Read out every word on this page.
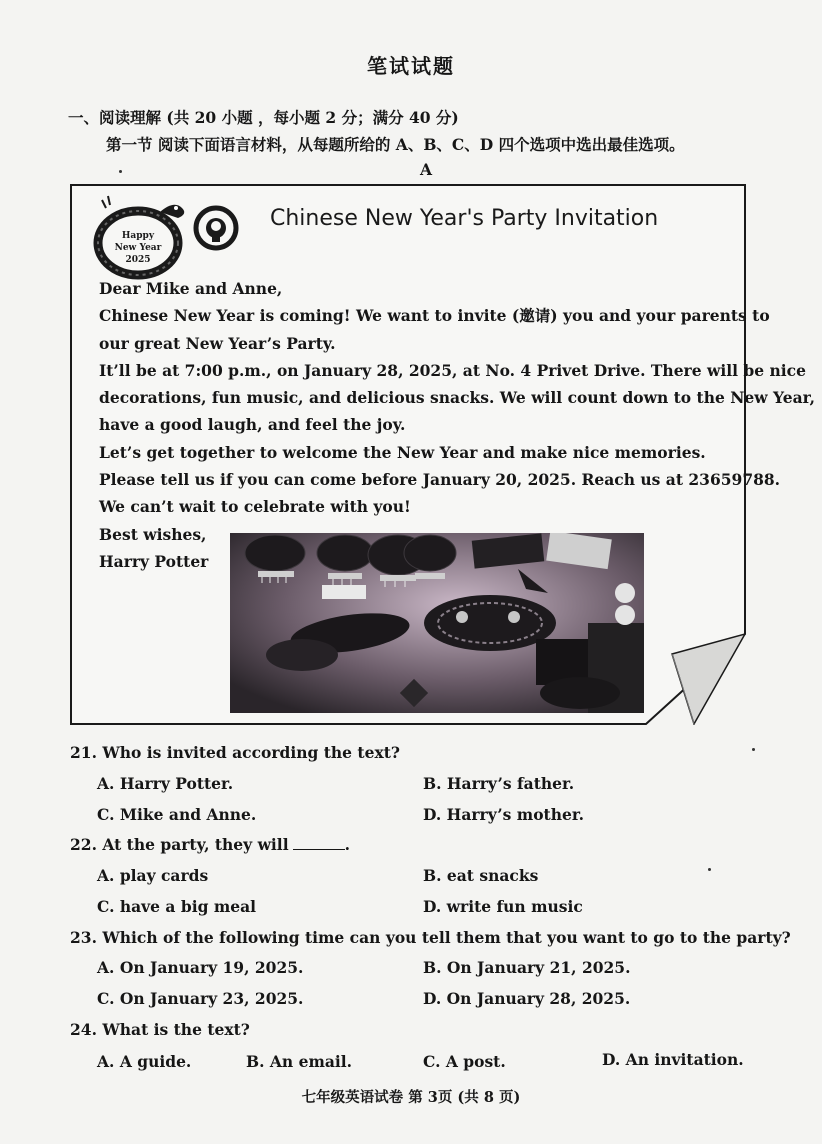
笔试试题
一、阅读理解 (共 20 小题 ，每小题 2 分；满分 40 分)
第一节 阅读下面语言材料，从每题所给的 A、B、C、D 四个选项中选出最佳选项。
A
Happy
New Year
2025
Chinese New Year's Party Invitation
Dear Mike and Anne,
Chinese New Year is coming! We want to invite (邀请) you and your parents to
our great New Year’s Party.
It’ll be at 7:00 p.m., on January 28, 2025, at No. 4 Privet Drive. There will be nice
decorations, fun music, and delicious snacks. We will count down to the New Year,
have a good laugh, and feel the joy.
Let’s get together to welcome the New Year and make nice memories.
Please tell us if you can come before January 20, 2025. Reach us at 23659788.
We can’t wait to celebrate with you!
Best wishes,
Harry Potter
21. Who is invited according the text?
A. Harry Potter.	B. Harry’s father.
C. Mike and Anne.	D. Harry’s mother.
22. At the party, they will	.
A. play cards	B. eat snacks
C. have a big meal	D. write fun music
23. Which of the following time can you tell them that you want to go to the party?
A. On January 19, 2025.	B. On January 21, 2025.
C. On January 23, 2025.	D. On January 28, 2025.
24. What is the text?
A. A guide.	B. An email.	C. A post.	D. An invitation.
七年级英语试卷 第 3页 (共 8 页)
